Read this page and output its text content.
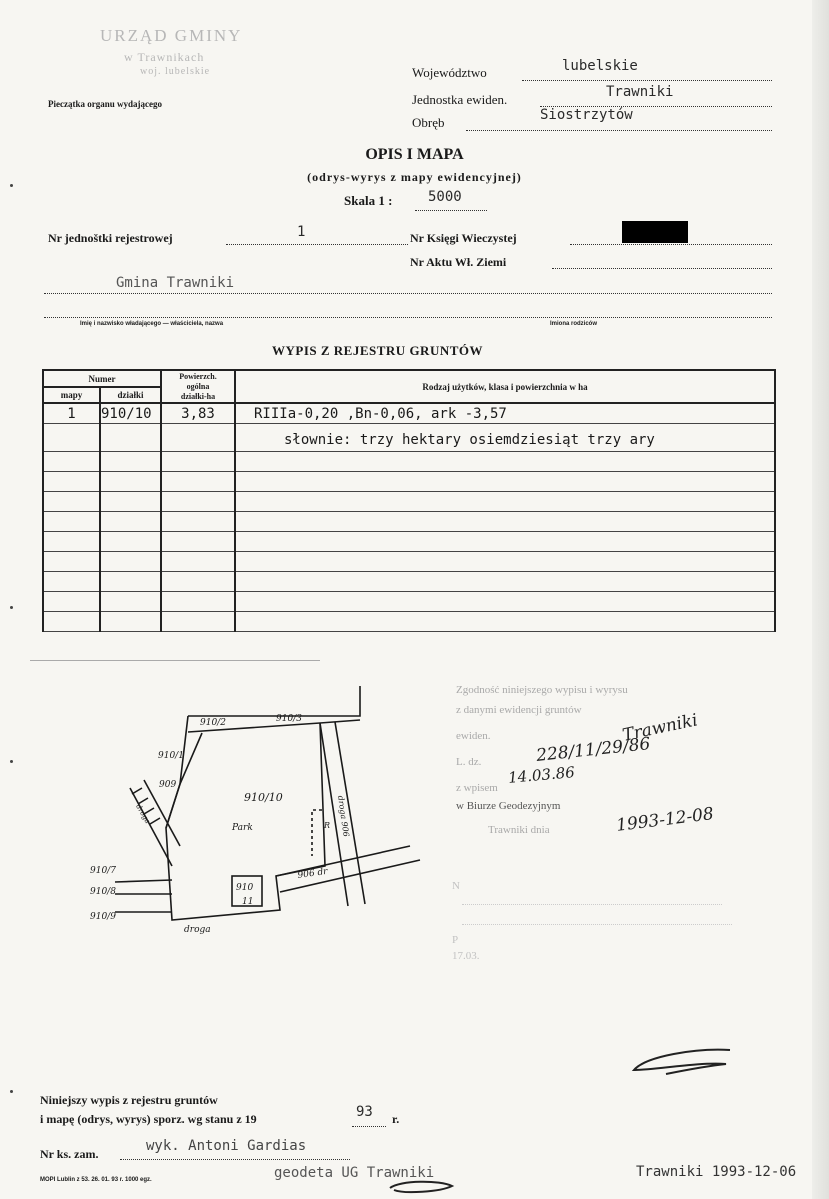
URZĄD GMINY
w Trawnikach
woj. lubelskie
Pieczątka organu wydającego
Województwo	lubelskie
Jednostka ewiden.	Trawniki
Obręb	Siostrzytów
OPIS I MAPA
(odrys-wyrys z mapy ewidencyjnej)
Skala 1 :	5000
Nr jednoštki rejestrowej	1	Nr Księgi Wieczystej
Nr Aktu Wł. Ziemi
Gmina Trawniki
Imię i nazwisko władającego — właściciela, nazwa	Imiona rodziców
WYPIS Z REJESTRU GRUNTÓW
Numer		Powierzch.
ogólna
działki-ha	Rodzaj użytków, klasa i powierzchnia w ha
mapy	działki		
1	910/10	3,83	RIIIa-0,20 ,Bn-0,06, ark -3,57
			słownie: trzy hektary osiemdziesiąt trzy ary

910/2	910/3
910/1
909
910/10
Park
910
11
910/7
910/8
910/9
906 dr
R
droga	droga 906
droga
Zgodność niniejszego wypisu i wyrysu
z danymi ewidencji gruntów
ewiden.
L. dz.
z wpisem
w Biurze Geodezyjnym
Trawniki dnia
Trawniki
228/11/29/86
14.03.86
1993-12-08
N
P
17.03.
Niniejszy wypis z rejestru gruntów
i mapę (odrys, wyrys) sporz. wg stanu z 19	93 r.
Nr ks. zam.	wyk. Antoni Gardias
geodeta UG Trawniki	Trawniki 1993-12-06
MOPI Lublin z 53. 26. 01. 93 r. 1000 egz.
